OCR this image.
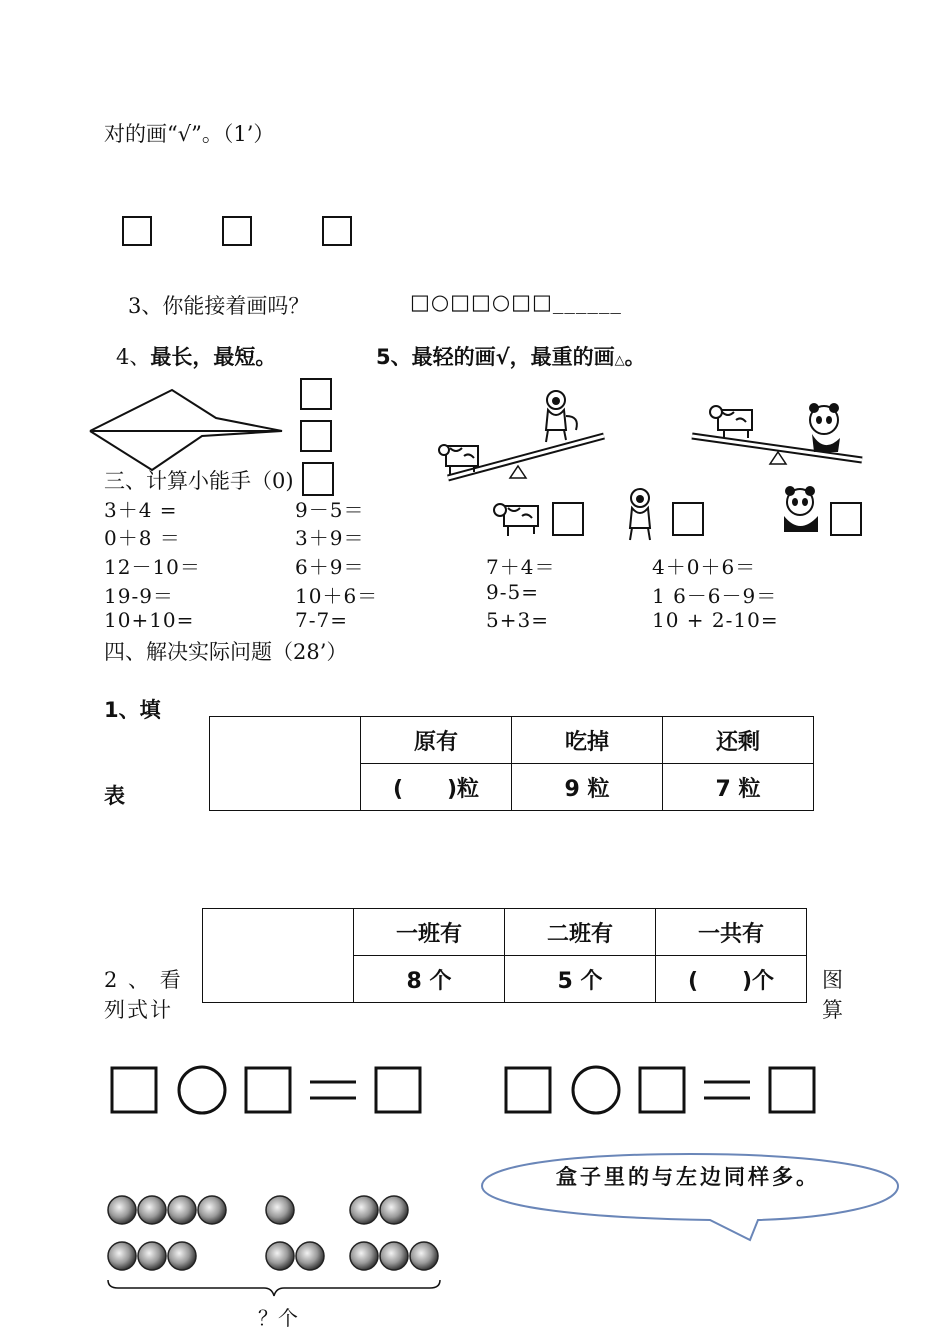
对的画“√”。（1’）
3、你能接着画吗？	□○□□○□□______
4、最长，最短。	5、最轻的画√，最重的画△。
三、计算小能手（0)
3＋4 =
0＋8 ＝
12－10＝
19-9＝
10+10=
9－5＝
3＋9＝
6＋9＝
10＋6＝
7-7=
7＋4＝
9-5=
5+3=
4＋0＋6＝
1 6－6－9＝
10 + 2-10=
四、解决实际问题（28’）
1、填
表
	原有	吃掉	还剩
	(　　)粒	9 粒	7 粒
2 、 看
列式计
图
算
	一班有	二班有	一共有
	8 个	5 个	(　　)个
盒子里的与左边同样多。
？个
